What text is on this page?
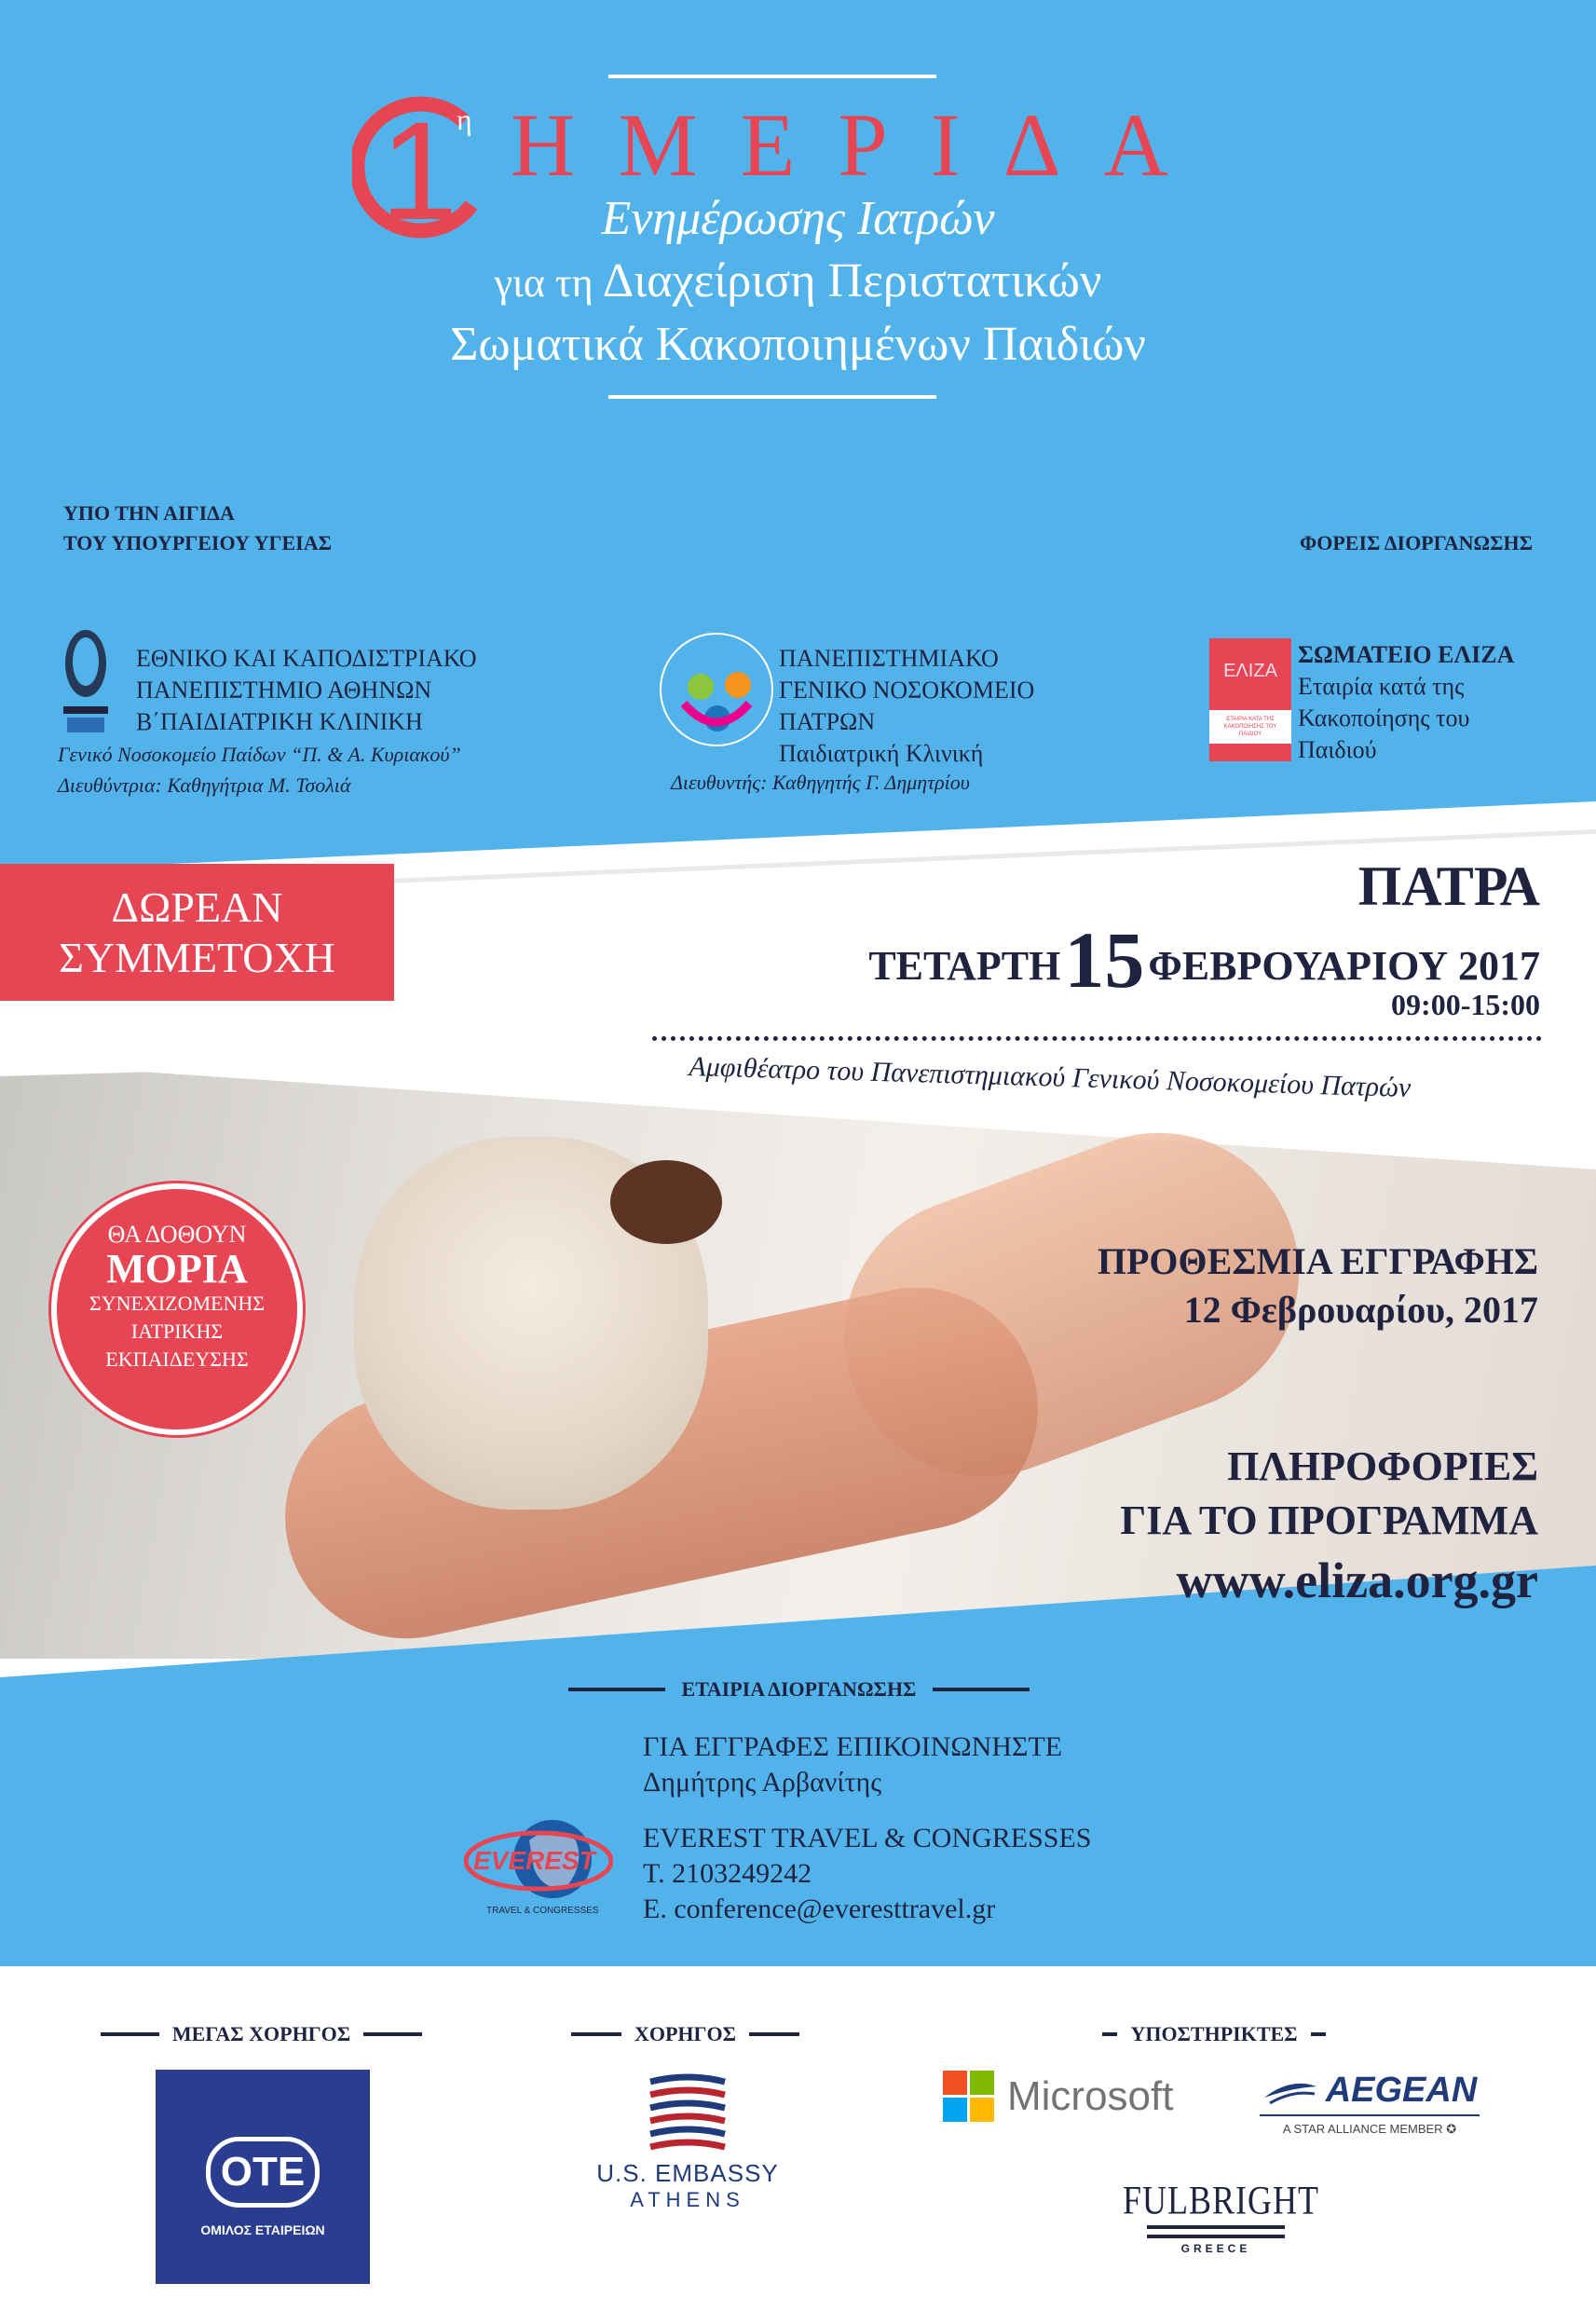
1
η ΗΜΕΡΙΔΑ
Ενημέρωσης Ιατρών
για τη Διαχείριση Περιστατικών
Σωματικά Κακοποιημένων Παιδιών
ΥΠΟ ΤΗΝ ΑΙΓΙΔΑ
ΤΟΥ ΥΠΟΥΡΓΕΙΟΥ ΥΓΕΙΑΣ	ΦΟΡΕΙΣ ΔΙΟΡΓΑΝΩΣΗΣ
ΕΘΝΙΚΟ ΚΑΙ ΚΑΠΟΔΙΣΤΡΙΑΚΟ
ΠΑΝΕΠΙΣΤΗΜΙΟ ΑΘΗΝΩΝ
Β΄ΠΑΙΔΙΑΤΡΙΚΗ ΚΛΙΝΙΚΗ
Γενικό Νοσοκομείο Παίδων “Π. & Α. Κυριακού”
Διευθύντρια: Καθηγήτρια Μ. Τσολιά
ΠΑΝΕΠΙΣΤΗΜΙΑΚΟ
ΓΕΝΙΚΟ ΝΟΣΟΚΟΜΕΙΟ
ΠΑΤΡΩΝ
Παιδιατρική Κλινική
Διευθυντής: Καθηγητής Γ. Δημητρίου
ΕΛΙΖΑ
ΕΤΑΙΡΙΑ ΚΑΤΑ ΤΗΣ ΚΑΚΟΠΟΙΗΣΗΣ ΤΟΥ ΠΑΙΔΙΟΥ
ΣΩΜΑΤΕΙΟ ΕΛΙΖΑ
Εταιρία κατά της
Κακοποίησης του
Παιδιού
ΔΩΡΕΑΝ
ΣΥΜΜΕΤΟΧΗ
ΠΑΤΡΑ
ΤΕΤΑΡΤΗ 15 ΦΕΒΡΟΥΑΡΙΟΥ 2017
09:00-15:00
Αμφιθέατρο του Πανεπιστημιακού Γενικού Νοσοκομείου Πατρών
ΘΑ ΔΟΘΟΥΝ
ΜΟΡΙΑ
ΣΥΝΕΧΙΖΟΜΕΝΗΣ
ΙΑΤΡΙΚΗΣ
ΕΚΠΑΙΔΕΥΣΗΣ
ΠΡΟΘΕΣΜΙΑ ΕΓΓΡΑΦΗΣ
12 Φεβρουαρίου, 2017
ΠΛΗΡΟΦΟΡΙΕΣ
ΓΙΑ ΤΟ ΠΡΟΓΡΑΜΜΑ
www.eliza.org.gr
ΕΤΑΙΡΙΑ ΔΙΟΡΓΑΝΩΣΗΣ
ΓΙΑ ΕΓΓΡΑΦΕΣ ΕΠΙΚΟΙΝΩΝΗΣΤΕ
Δημήτρης Αρβανίτης
EVEREST TRAVEL & CONGRESSES
Τ. 2103249242
E. conference@everesttravel.gr
EVEREST
TRAVEL & CONGRESSES
ΜΕΓΑΣ ΧΟΡΗΓΟΣ
OTE
ΟΜΙΛΟΣ ΕΤΑΙΡΕΙΩΝ
ΧΟΡΗΓΟΣ
U.S. EMBASSY
ATHENS
ΥΠΟΣΤΗΡΙΚΤΕΣ
Microsoft	AEGEAN
A STAR ALLIANCE MEMBER ✪
FULBRIGHT
GREECE
